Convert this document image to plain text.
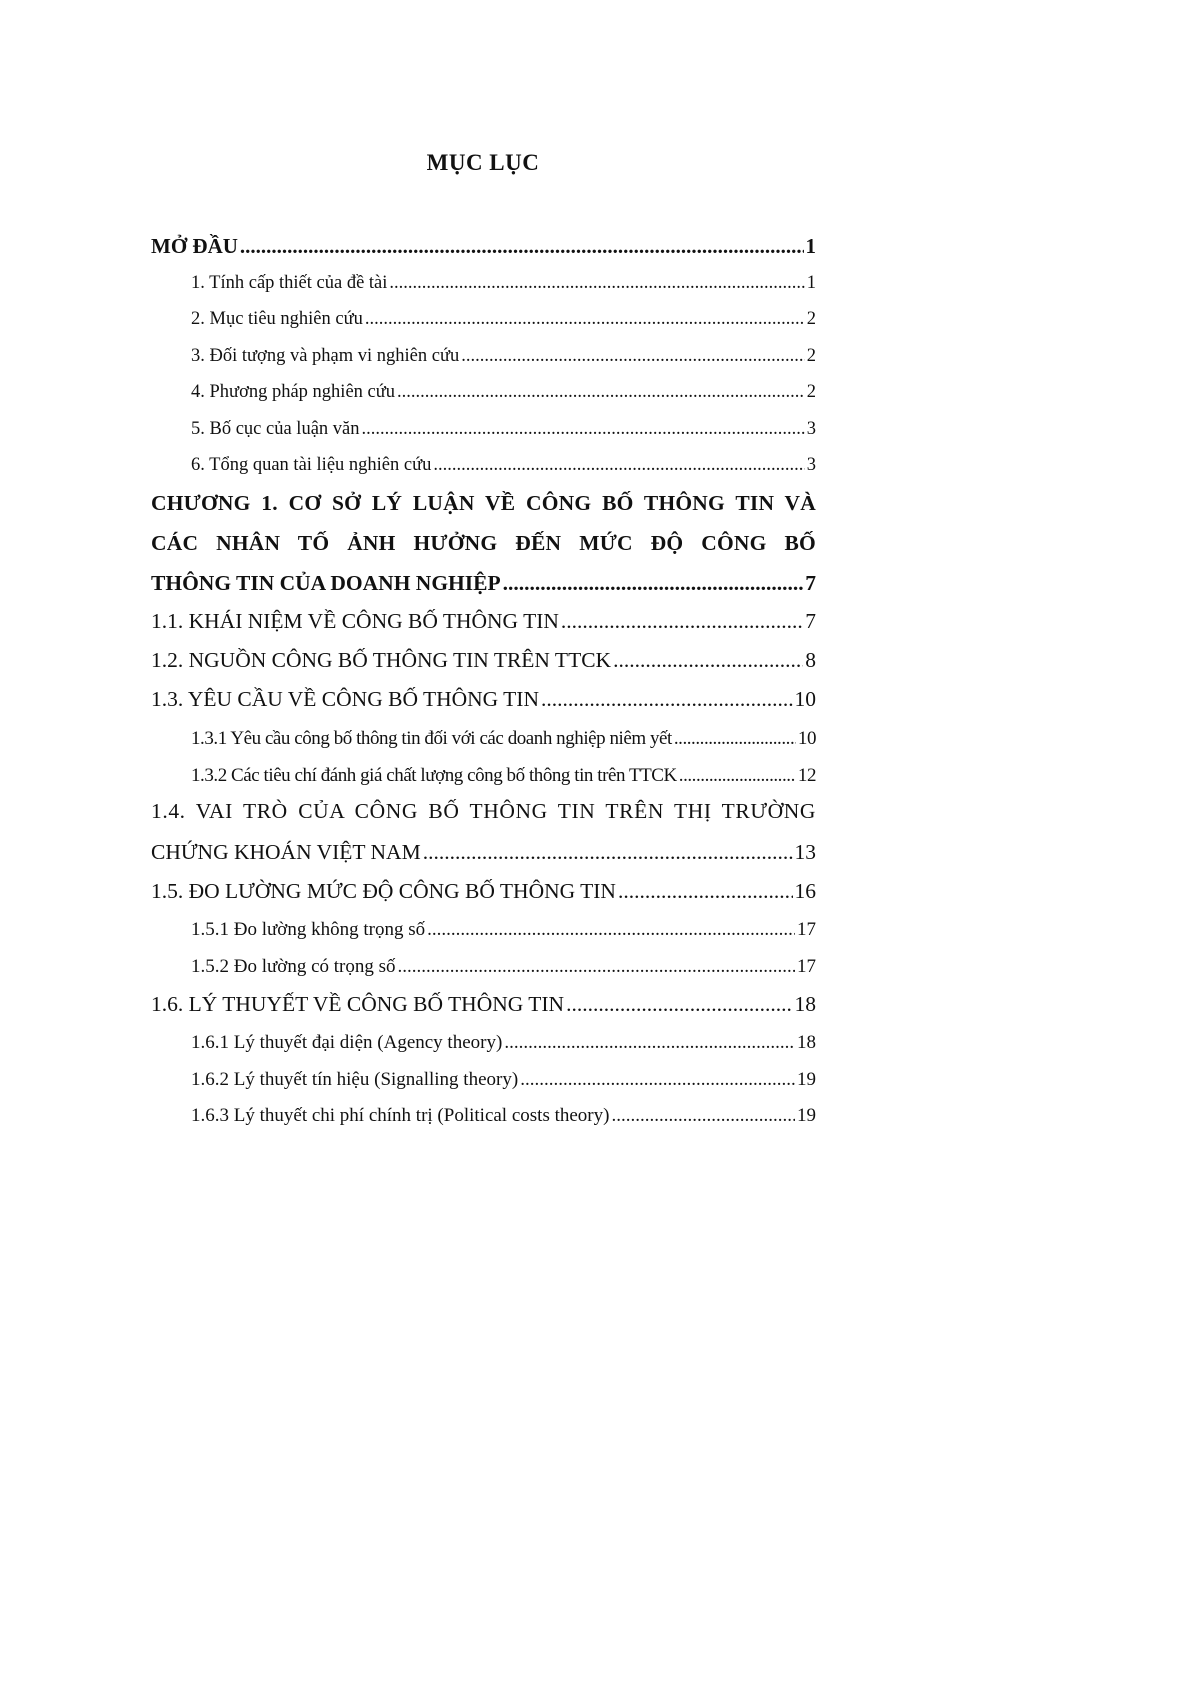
MỤC LỤC
MỞ ĐẦU .....	1
1. Tính cấp thiết của đề tài .....	1
2. Mục tiêu nghiên cứu .....	2
3. Đối tượng và phạm vi nghiên cứu .....	2
4. Phương pháp nghiên cứu .....	2
5. Bố cục của luận văn .....	3
6. Tổng quan tài liệu nghiên cứu .....	3
CHƯƠNG 1. CƠ SỞ LÝ LUẬN VỀ CÔNG BỐ THÔNG TIN VÀ
CÁC NHÂN TỐ ẢNH HƯỞNG ĐẾN MỨC ĐỘ CÔNG BỐ
THÔNG TIN CỦA DOANH NGHIỆP .....	7
1.1. KHÁI NIỆM VỀ CÔNG BỐ THÔNG TIN .....	7
1.2. NGUỒN CÔNG BỐ THÔNG TIN TRÊN TTCK .....	8
1.3. YÊU CẦU VỀ CÔNG BỐ THÔNG TIN .....	10
1.3.1 Yêu cầu công bố thông tin đối với các doanh nghiệp niêm yết .....	10
1.3.2 Các tiêu chí đánh giá chất lượng công bố thông tin trên TTCK .....	12
1.4. VAI TRÒ CỦA CÔNG BỐ THÔNG TIN TRÊN THỊ TRƯỜNG
CHỨNG KHOÁN VIỆT NAM .....	13
1.5. ĐO LƯỜNG MỨC ĐỘ CÔNG BỐ THÔNG TIN .....	16
1.5.1 Đo lường không trọng số .....	17
1.5.2 Đo lường có trọng số .....	17
1.6. LÝ THUYẾT VỀ CÔNG BỐ THÔNG TIN .....	18
1.6.1 Lý thuyết đại diện (Agency theory) .....	18
1.6.2 Lý thuyết tín hiệu (Signalling theory) .....	19
1.6.3 Lý thuyết chi phí chính trị (Political costs theory) .....	19
